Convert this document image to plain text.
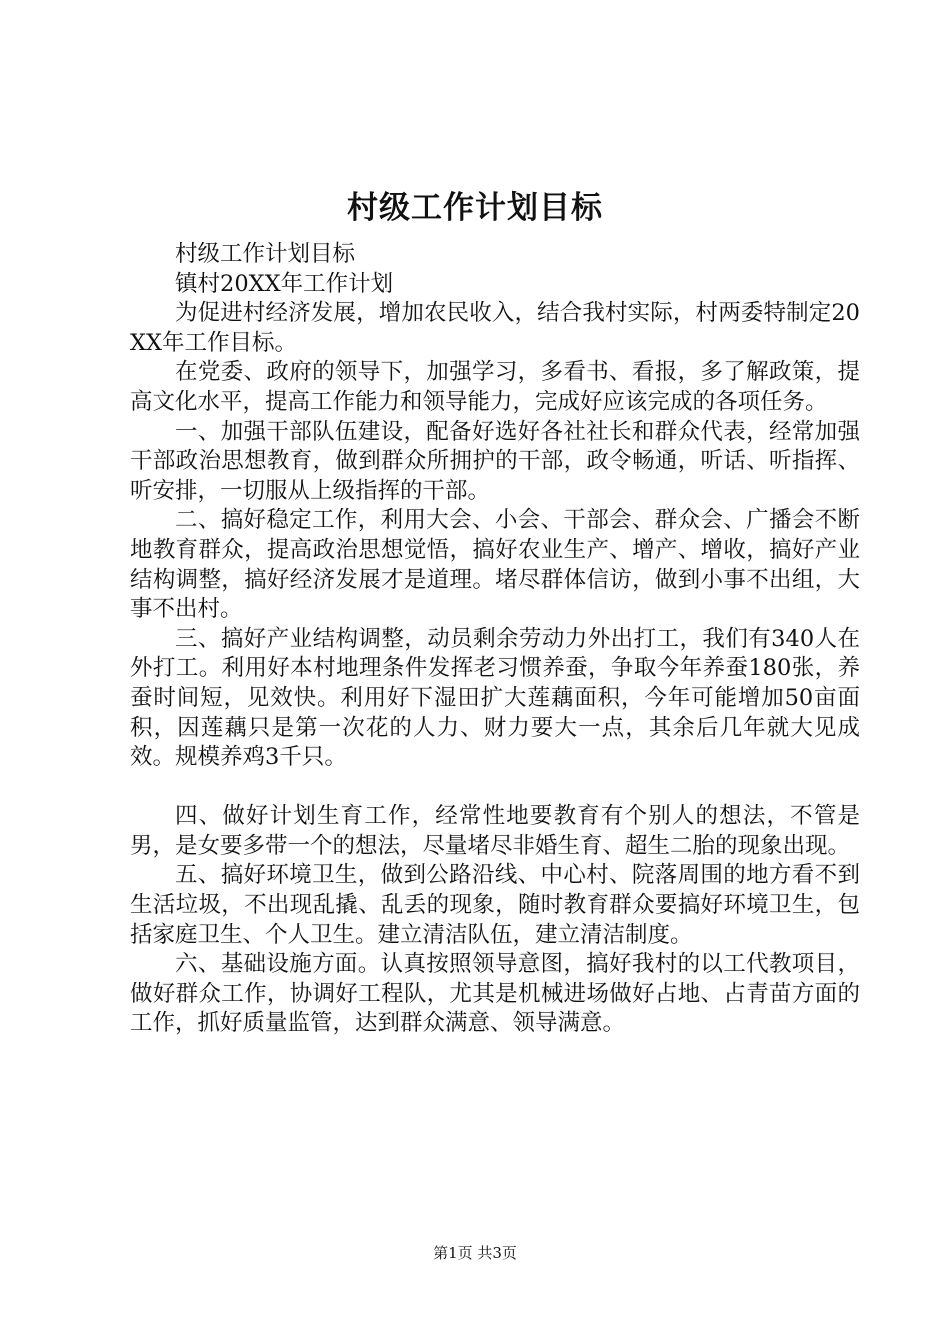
村级工作计划目标

村级工作计划目标

镇村20XX年工作计划

为促进村经济发展，增加农民收入，结合我村实际，村两委特制定20XX年工作目标。

在党委、政府的领导下，加强学习，多看书、看报，多了解政策，提高文化水平，提高工作能力和领导能力，完成好应该完成的各项任务。

一、加强干部队伍建设，配备好选好各社社长和群众代表，经常加强干部政治思想教育，做到群众所拥护的干部，政令畅通，听话、听指挥、听安排，一切服从上级指挥的干部。

二、搞好稳定工作，利用大会、小会、干部会、群众会、广播会不断地教育群众，提高政治思想觉悟，搞好农业生产、增产、增收，搞好产业结构调整，搞好经济发展才是道理。堵尽群体信访，做到小事不出组，大事不出村。

三、搞好产业结构调整，动员剩余劳动力外出打工，我们有340人在外打工。利用好本村地理条件发挥老习惯养蚕，争取今年养蚕180张，养蚕时间短，见效快。利用好下湿田扩大莲藕面积，今年可能增加50亩面积，因莲藕只是第一次花的人力、财力要大一点，其余后几年就大见成效。规模养鸡3千只。

四、做好计划生育工作，经常性地要教育有个别人的想法，不管是男，是女要多带一个的想法，尽量堵尽非婚生育、超生二胎的现象出现。

五、搞好环境卫生，做到公路沿线、中心村、院落周围的地方看不到生活垃圾，不出现乱撬、乱丢的现象，随时教育群众要搞好环境卫生，包括家庭卫生、个人卫生。建立清洁队伍，建立清洁制度。

六、基础设施方面。认真按照领导意图，搞好我村的以工代教项目，做好群众工作，协调好工程队，尤其是机械进场做好占地、占青苗方面的工作，抓好质量监管，达到群众满意、领导满意。

第1页 共3页
